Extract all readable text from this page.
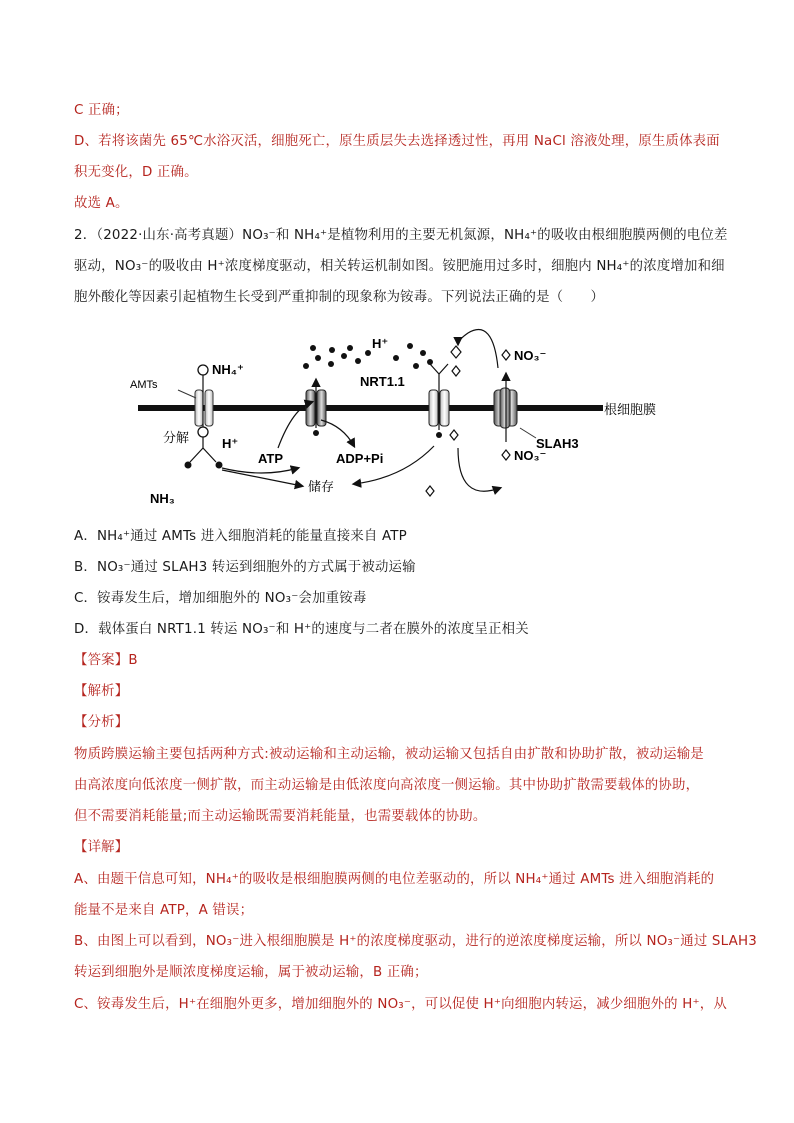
C 正确；
D、若将该菌先 65℃水浴灭活，细胞死亡，原生质层失去选择透过性，再用 NaCl 溶液处理，原生质体表面
积无变化，D 正确。
故选 A。
2．（2022·山东·高考真题）NO₃⁻和 NH₄⁺是植物利用的主要无机氮源，NH₄⁺的吸收由根细胞膜两侧的电位差
驱动，NO₃⁻的吸收由 H⁺浓度梯度驱动，相关转运机制如图。铵肥施用过多时，细胞内 NH₄⁺的浓度增加和细
胞外酸化等因素引起植物生长受到严重抑制的现象称为铵毒。下列说法正确的是（　　）
根细胞膜
AMTs
NH₄⁺
分解	H⁺
NH₃
储存
ATP	ADP+Pi
H⁺
NRT1.1
SLAH3
NO₃⁻
NO₃⁻
A．NH₄⁺通过 AMTs 进入细胞消耗的能量直接来自 ATP
B．NO₃⁻通过 SLAH3 转运到细胞外的方式属于被动运输
C．铵毒发生后，增加细胞外的 NO₃⁻会加重铵毒
D．载体蛋白 NRT1.1 转运 NO₃⁻和 H⁺的速度与二者在膜外的浓度呈正相关
【答案】B
【解析】
【分析】
物质跨膜运输主要包括两种方式:被动运输和主动运输，被动运输又包括自由扩散和协助扩散，被动运输是
由高浓度向低浓度一侧扩散，而主动运输是由低浓度向高浓度一侧运输。其中协助扩散需要载体的协助，
但不需要消耗能量;而主动运输既需要消耗能量，也需要载体的协助。
【详解】
A、由题干信息可知，NH₄⁺的吸收是根细胞膜两侧的电位差驱动的，所以 NH₄⁺通过 AMTs 进入细胞消耗的
能量不是来自 ATP，A 错误；
B、由图上可以看到，NO₃⁻进入根细胞膜是 H⁺的浓度梯度驱动，进行的逆浓度梯度运输，所以 NO₃⁻通过 SLAH3
转运到细胞外是顺浓度梯度运输，属于被动运输，B 正确；
C、铵毒发生后，H⁺在细胞外更多，增加细胞外的 NO₃⁻，可以促使 H⁺向细胞内转运，减少细胞外的 H⁺，从
